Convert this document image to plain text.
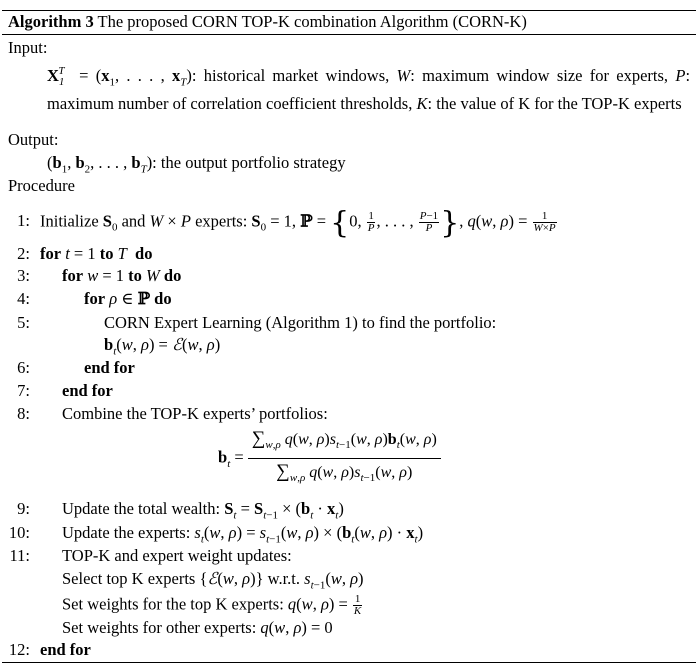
Algorithm 3 The proposed CORN TOP-K combination Algorithm (CORN-K)
Input:
$X_1^T = (x_1$, . . . , $x_T$): historical market windows, W: maximum window size for experts, P: maximum number of correlation coefficient thresholds, K: the value of K for the TOP-K experts
Output:
($b_1$, $b_2$, . . . , $b_T$): the output portfolio strategy
Procedure
1: Initialize $S_0$ and W × P experts: $S_0 = 1$, ℙ = {0, $\frac{1}{P}$ , . . . , $\frac{P-1}{P}$ }, q(w, $\rho) = \frac{1}{W\times P}$
2: for t = 1 to T do
3: for w = 1 to W do
4:	for ρ ∈ ℙ do
5:	CORN Expert Learning (Algorithm 1) to find the portfolio:
$b_t(w$, ρ) = ℰ(w, ρ)
6:	end for
7: end for
8: Combine the TOP-K experts’ portfolios:
$b_t = \frac{\sum_{w,\rho} q(w, \rho)s_{t-1}(w, \rho)b_t(w, \rho)}{\sum_{w,\rho} q(w, \rho)s_{t-1}(w, \rho)}$
9: Update the total wealth: $S_t = S_{t-1} \times (b_t \cdot x_t)$
10: Update the experts: $s_t(w$, $\rho) = s_{t-1}(w$, $\rho) \times (b_t(w$, $\rho) \cdot x_t$)
11: TOP-K and expert weight updates:
Select top K experts {ℰ(w, ρ)} w.r.t. $s_{t-1}(w$, ρ)
Set weights for the top K experts: q(w, $\rho) = \frac{1}{K}$
Set weights for other experts: q(w, ρ) = 0
12: end for
